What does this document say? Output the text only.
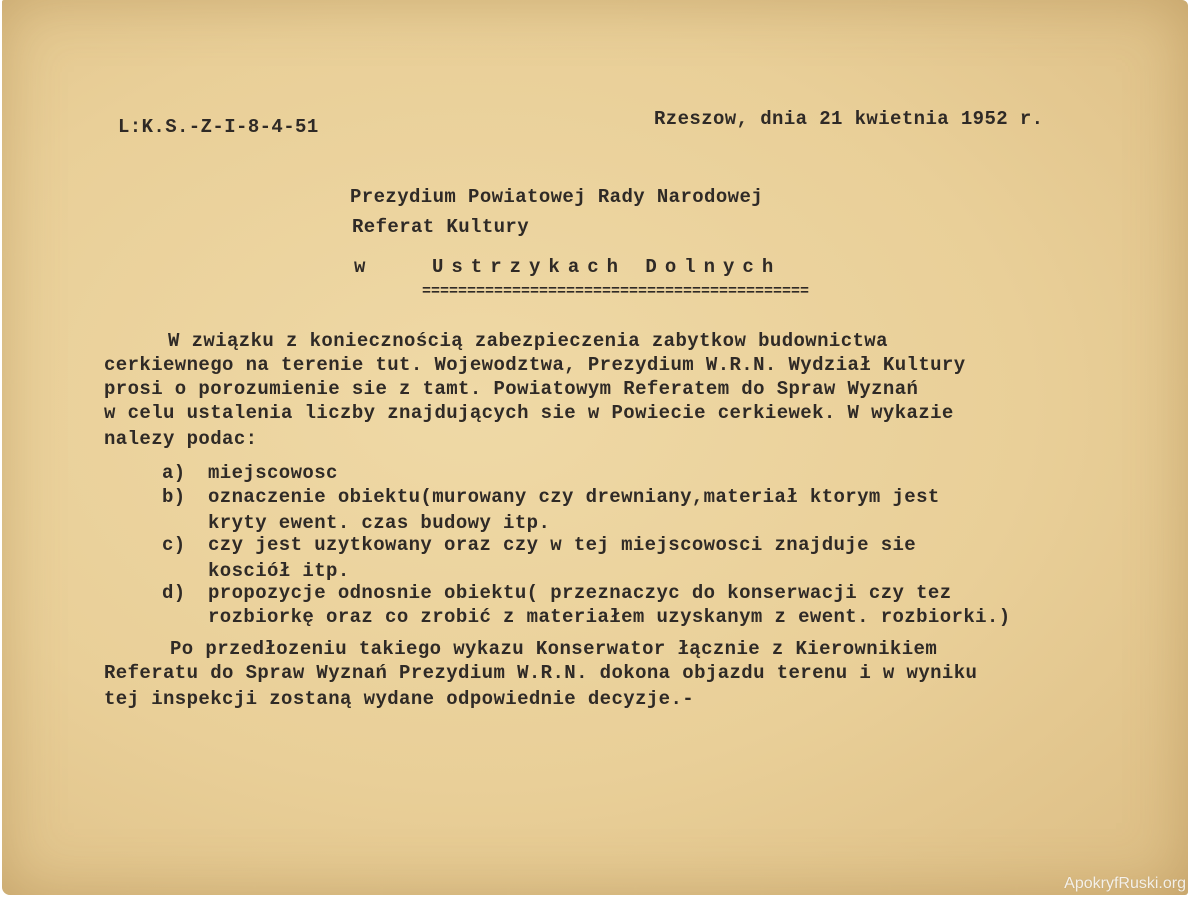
L:K.S.-Z-I-8-4-51	Rzeszow, dnia 21 kwietnia 1952 r.
Prezydium Powiatowej Rady Narodowej
Referat Kultury
w	Ustrzykach Dolnych
===========================================
W związku z koniecznością zabezpieczenia zabytkow budownictwa
cerkiewnego na terenie tut. Wojewodztwa, Prezydium W.R.N. Wydział Kultury
prosi o porozumienie sie z tamt. Powiatowym Referatem do Spraw Wyznań
w celu ustalenia liczby znajdujących sie w Powiecie cerkiewek. W wykazie
nalezy podac:
a) miejscowosc
b) oznaczenie obiektu(murowany czy drewniany,materiał ktorym jest
kryty ewent. czas budowy itp.
c) czy jest uzytkowany oraz czy w tej miejscowosci znajduje sie
kosciół itp.
d) propozycje odnosnie obiektu( przeznaczyc do konserwacji czy tez
rozbiorkę oraz co zrobić z materiałem uzyskanym z ewent. rozbiorki.)
Po przedłozeniu takiego wykazu Konserwator łącznie z Kierownikiem
Referatu do Spraw Wyznań Prezydium W.R.N. dokona objazdu terenu i w wyniku
tej inspekcji zostaną wydane odpowiednie decyzje.-
ApokryfRuski.org
